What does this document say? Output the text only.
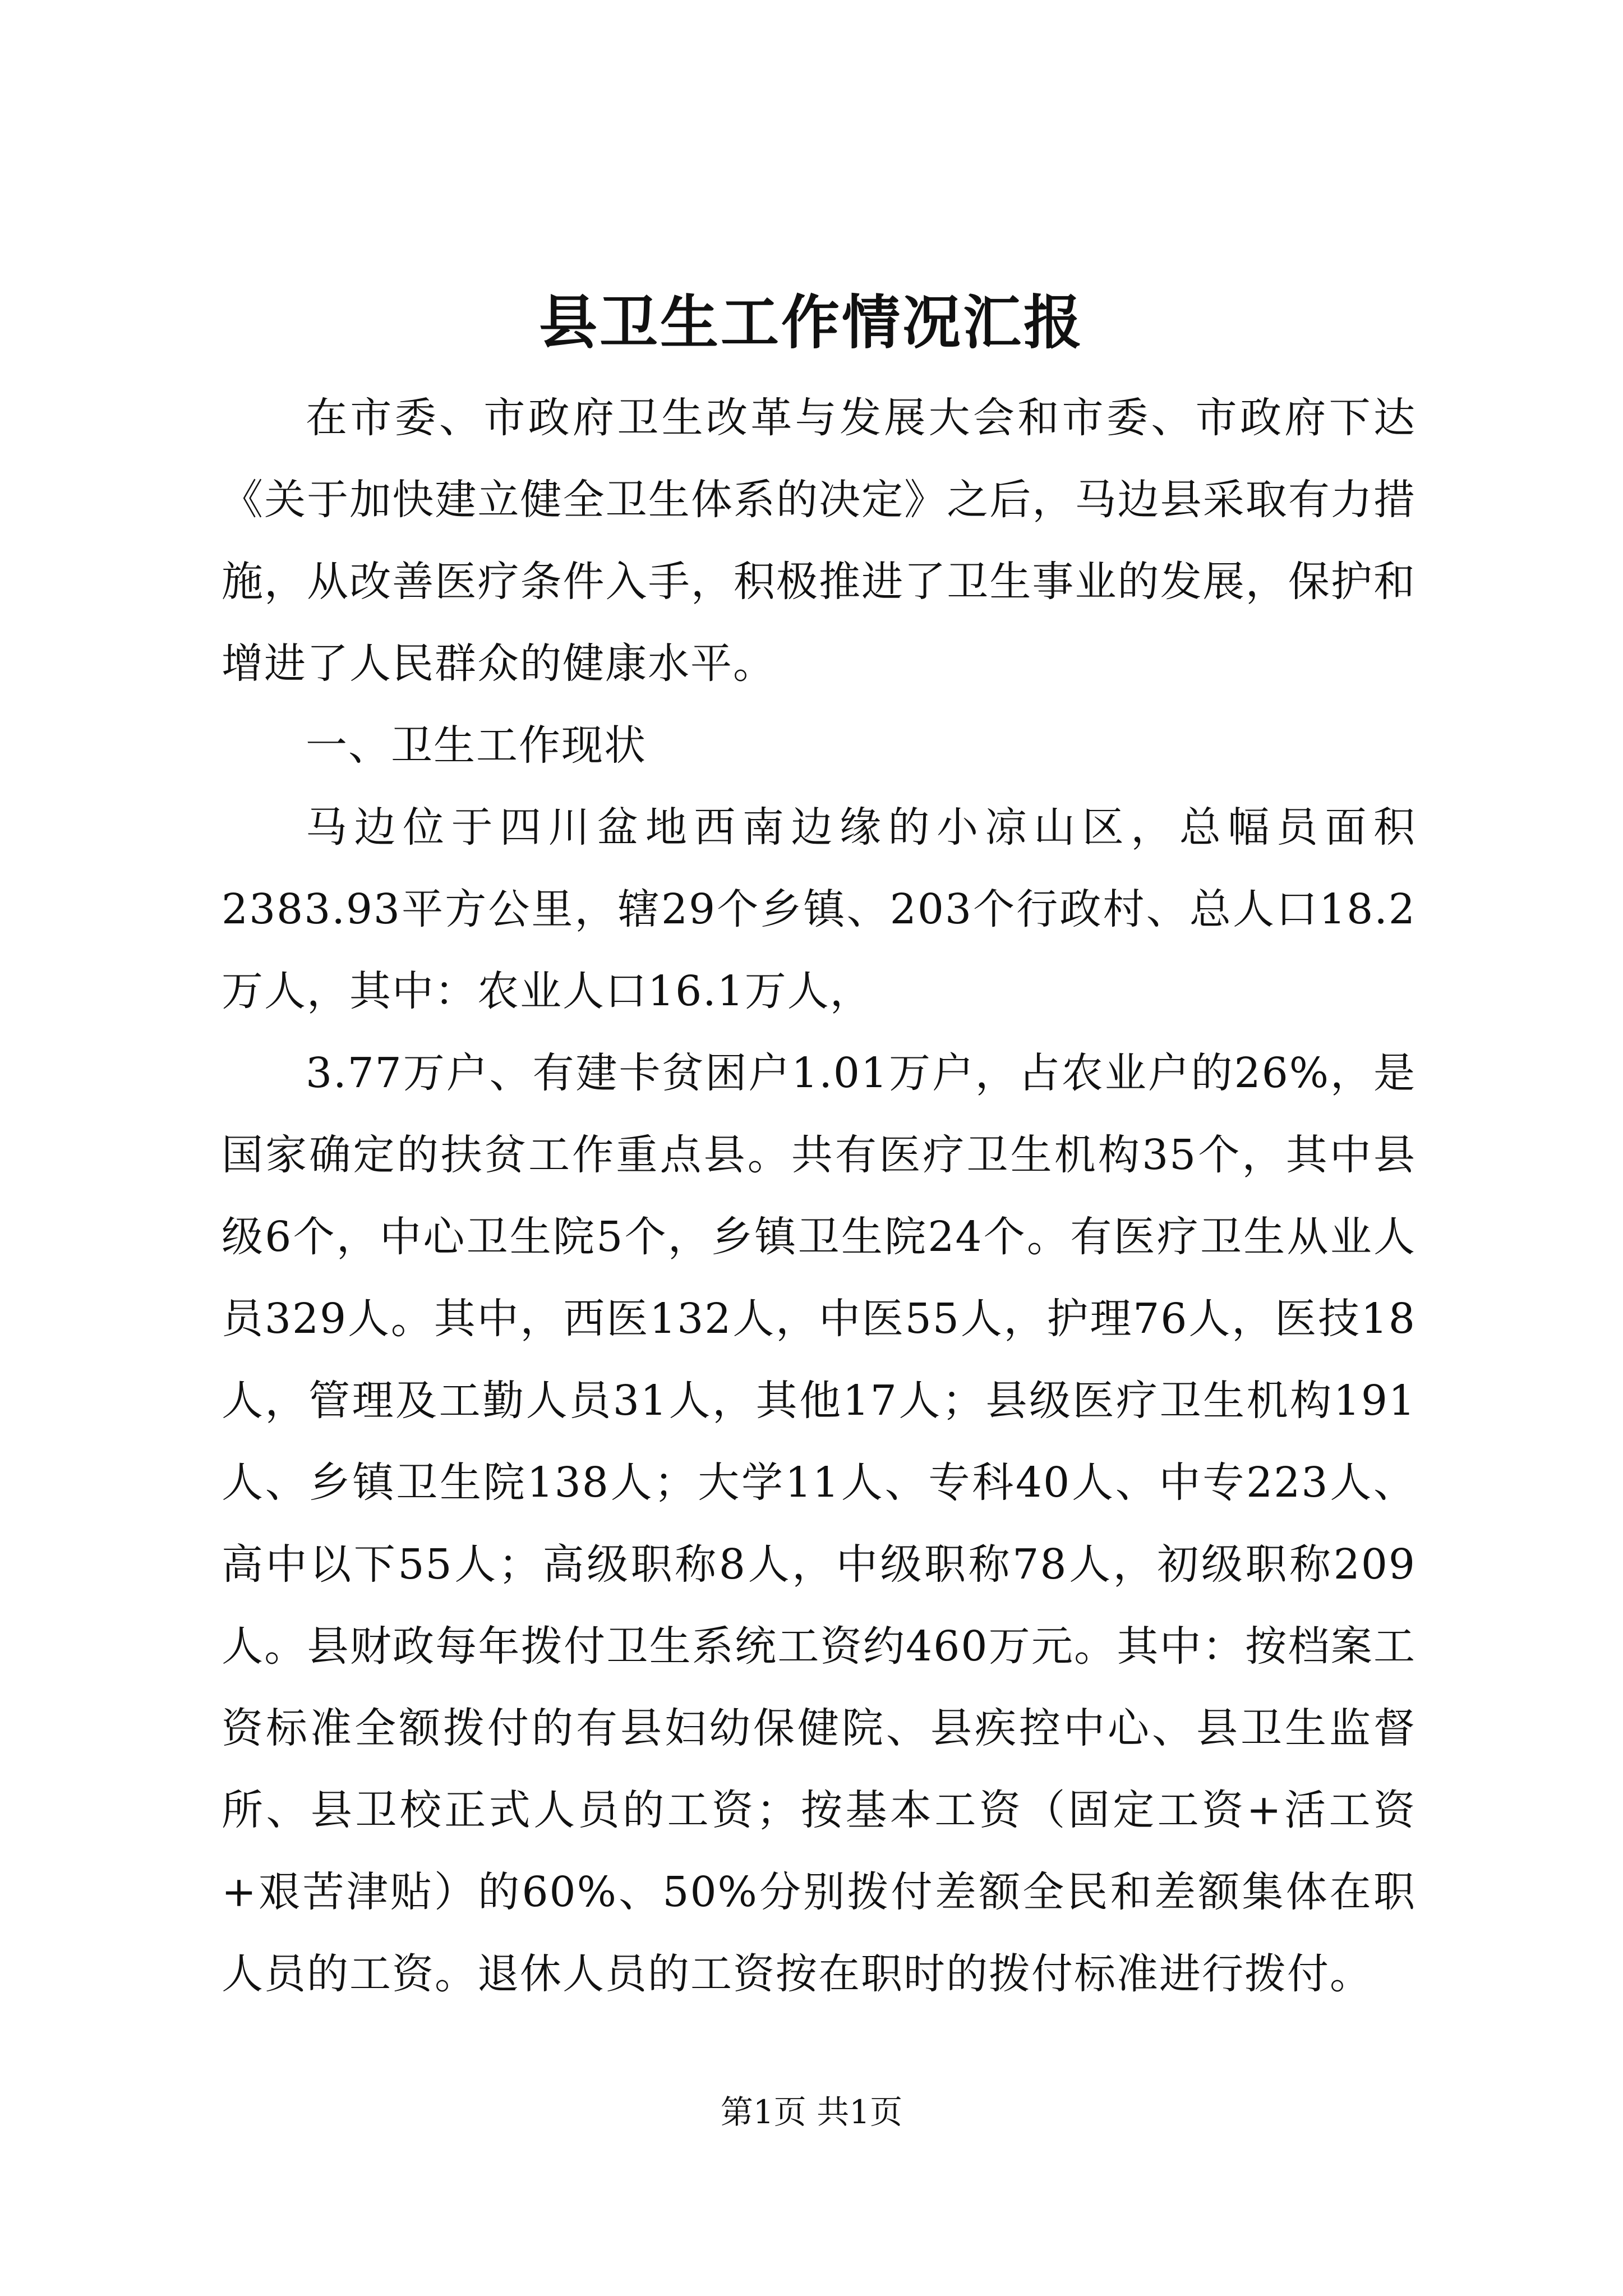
县卫生工作情况汇报
在市委、市政府卫生改革与发展大会和市委、市政府下达《关于加快建立健全卫生体系的决定》之后，马边县采取有力措施，从改善医疗条件入手，积极推进了卫生事业的发展，保护和增进了人民群众的健康水平。
一、卫生工作现状
马边位于四川盆地西南边缘的小凉山区，总幅员面积2383.93平方公里，辖29个乡镇、203个行政村、总人口18.2万人，其中：农业人口16.1万人，
3.77万户、有建卡贫困户1.01万户，占农业户的26%，是国家确定的扶贫工作重点县。共有医疗卫生机构35个，其中县级6个，中心卫生院5个，乡镇卫生院24个。有医疗卫生从业人员329人。其中，西医132人，中医55人，护理76人，医技18人，管理及工勤人员31人，其他17人；县级医疗卫生机构191人、乡镇卫生院138人；大学11人、专科40人、中专223人、高中以下55人；高级职称8人，中级职称78人，初级职称209人。县财政每年拨付卫生系统工资约460万元。其中：按档案工资标准全额拨付的有县妇幼保健院、县疾控中心、县卫生监督所、县卫校正式人员的工资；按基本工资（固定工资+活工资+艰苦津贴）的60%、50%分别拨付差额全民和差额集体在职人员的工资。退休人员的工资按在职时的拨付标准进行拨付。
第1页 共1页
